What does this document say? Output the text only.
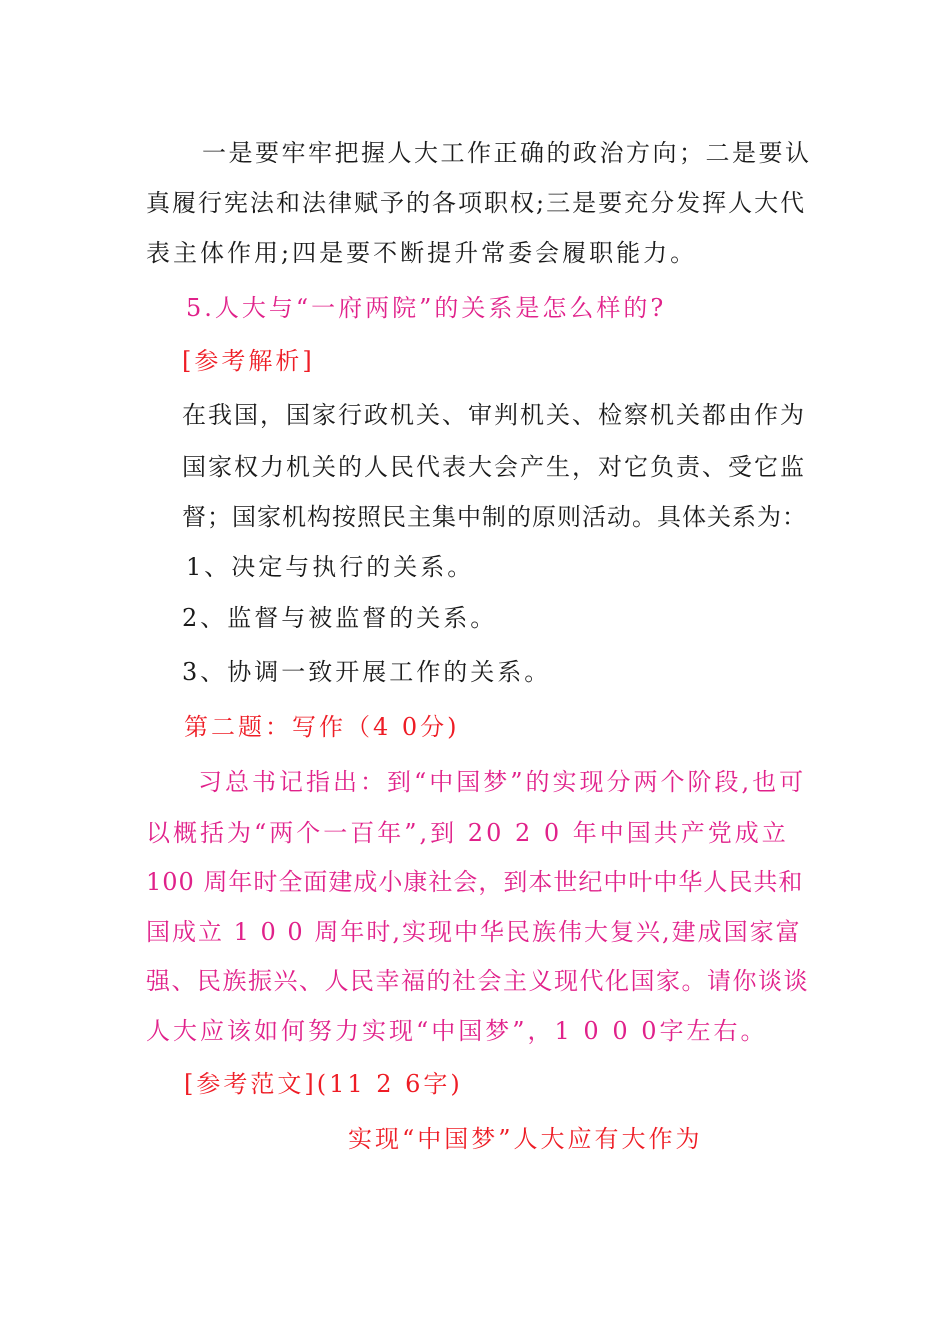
一是要牢牢把握人大工作正确的政治方向；二是要认
真履行宪法和法律赋予的各项职权;三是要充分发挥人大代
表主体作用;四是要不断提升常委会履职能力。
5.人大与“一府两院”的关系是怎么样的?
[参考解析]
在我国，国家行政机关、审判机关、检察机关都由作为
国家权力机关的人民代表大会产生，对它负责、受它监
督；国家机构按照民主集中制的原则活动。具体关系为：
1、决定与执行的关系。
2、监督与被监督的关系。
3、协调一致开展工作的关系。
第二题：写作（4 0分)
习总书记指出：到“中国梦”的实现分两个阶段,也可
以概括为“两个一百年”,到 20 2 0 年中国共产党成立
100 周年时全面建成小康社会，到本世纪中叶中华人民共和
国成立 1 0 0 周年时,实现中华民族伟大复兴,建成国家富
强、民族振兴、人民幸福的社会主义现代化国家。请你谈谈
人大应该如何努力实现“中国梦”，1 0 0 0字左右。
[参考范文](11 2 6字)
实现“中国梦”人大应有大作为
